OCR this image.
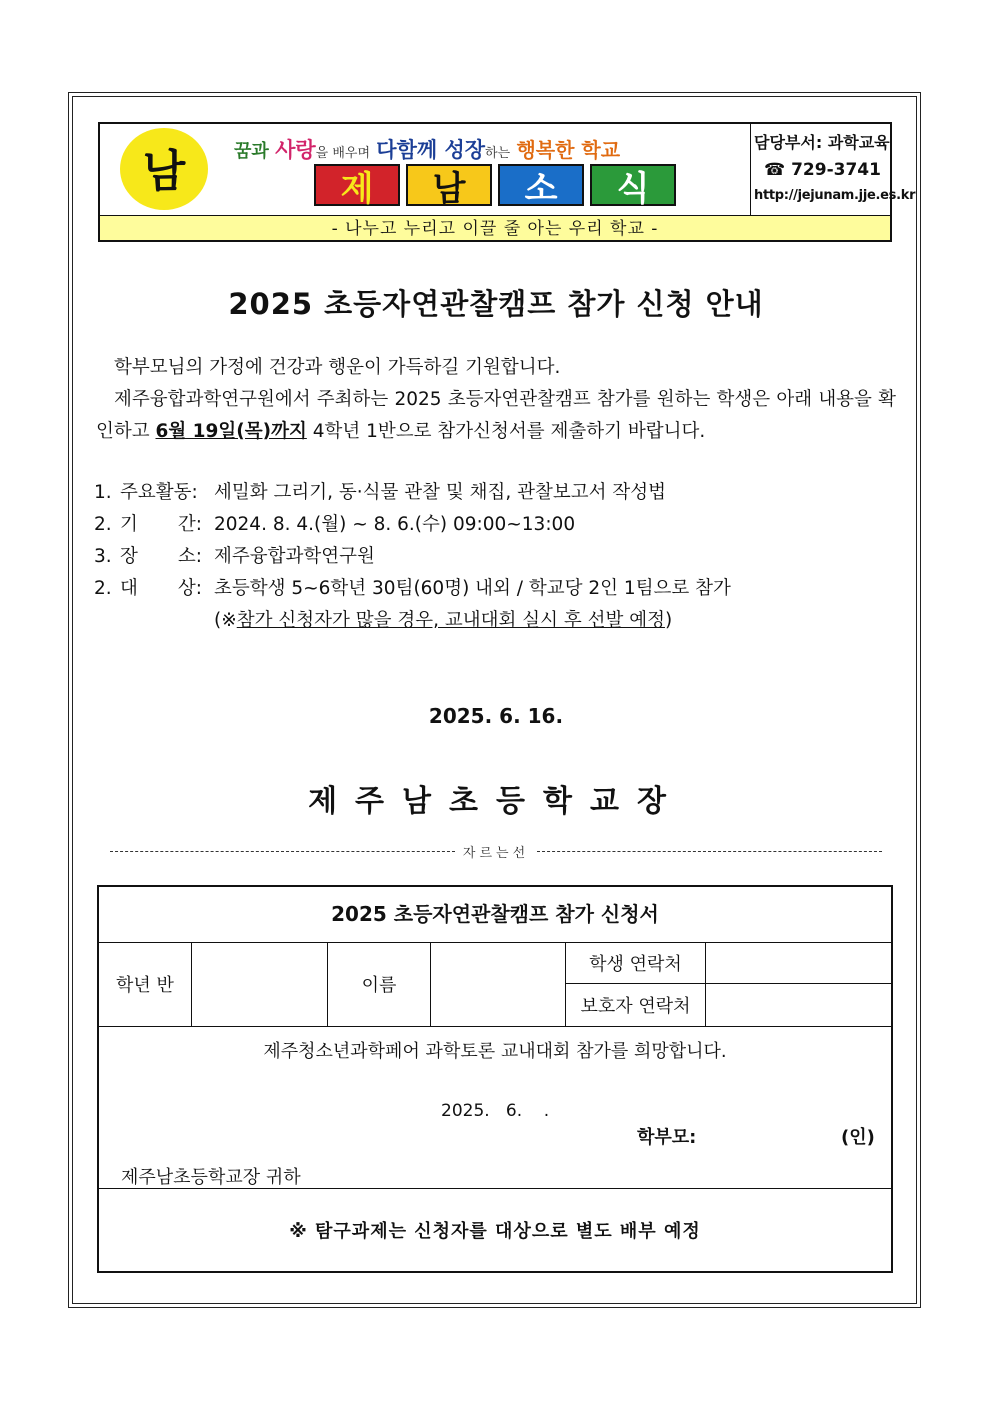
남	꿈과 사랑을 배우며 다함께 성장하는 행복한 학교
제	남	소	식
담당부서: 과학교육
☎ 729-3741
http://jejunam.jje.es.kr
- 나누고 누리고 이끌 줄 아는 우리 학교 -
2025 초등자연관찰캠프 참가 신청 안내
학부모님의 가정에 건강과 행운이 가득하길 기원합니다.
제주융합과학연구원에서 주최하는 2025 초등자연관찰캠프 참가를 원하는 학생은 아래 내용을 확인하고 6월 19일(목)까지 4학년 1반으로 참가신청서를 제출하기 바랍니다.
1. 주요활동: 세밀화 그리기, 동·식물 관찰 및 채집, 관찰보고서 작성법
2. 기 간: 2024. 8. 4.(월) ~ 8. 6.(수) 09:00~13:00
3. 장 소: 제주융합과학연구원
2. 대 상: 초등학생 5~6학년 30팀(60명) 내외 / 학교당 2인 1팀으로 참가
(※ 참가 신청자가 많을 경우, 교내대회 실시 후 선발 예정 )
2025. 6. 16.
제주남초등학교장
자르는선
2025 초등자연관찰캠프 참가 신청서
학년 반	이름
학생 연락처
보호자 연락처
제주청소년과학페어 과학토론 교내대회 참가를 희망합니다.
2025.   6.    .
학부모:	(인)
제주남초등학교장 귀하
※ 탐구과제는 신청자를 대상으로 별도 배부 예정
